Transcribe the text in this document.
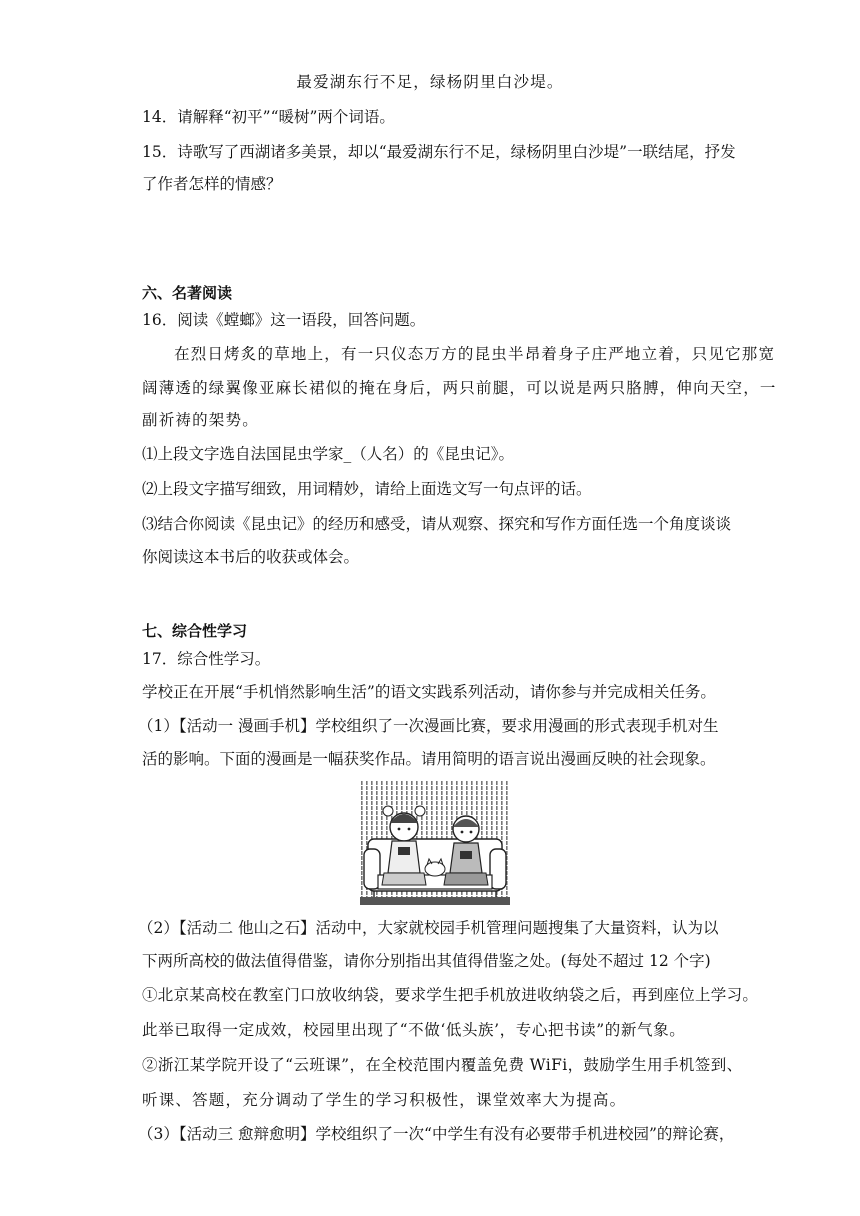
最爱湖东行不足，绿杨阴里白沙堤。
14．请解释“初平”“暖树”两个词语。
15．诗歌写了西湖诸多美景，却以“最爱湖东行不足，绿杨阴里白沙堤”一联结尾，抒发
了作者怎样的情感？
六、名著阅读
16．阅读《螳螂》这一语段，回答问题。
在烈日烤炙的草地上，有一只仪态万方的昆虫半昂着身子庄严地立着，只见它那宽
阔薄透的绿翼像亚麻长裙似的掩在身后，两只前腿，可以说是两只胳膊，伸向天空，一
副祈祷的架势。
⑴上段文字选自法国昆虫学家_（人名）的《昆虫记》。
⑵上段文字描写细致，用词精妙，请给上面选文写一句点评的话。
⑶结合你阅读《昆虫记》的经历和感受，请从观察、探究和写作方面任选一个角度谈谈
你阅读这本书后的收获或体会。
七、综合性学习
17．综合性学习。
学校正在开展“手机悄然影响生活”的语文实践系列活动，请你参与并完成相关任务。
（1）【活动一 漫画手机】学校组织了一次漫画比赛，要求用漫画的形式表现手机对生
活的影响。下面的漫画是一幅获奖作品。请用简明的语言说出漫画反映的社会现象。
（2）【活动二 他山之石】活动中，大家就校园手机管理问题搜集了大量资料，认为以
下两所高校的做法值得借鉴，请你分别指出其值得借鉴之处。(每处不超过 12 个字)
①北京某高校在教室门口放收纳袋，要求学生把手机放进收纳袋之后，再到座位上学习。
此举已取得一定成效，校园里出现了“不做‘低头族’，专心把书读”的新气象。
②浙江某学院开设了“云班课”，在全校范围内覆盖免费 WiFi，鼓励学生用手机签到、
听课、答题，充分调动了学生的学习积极性，课堂效率大为提高。
（3）【活动三 愈辩愈明】学校组织了一次“中学生有没有必要带手机进校园”的辩论赛，
